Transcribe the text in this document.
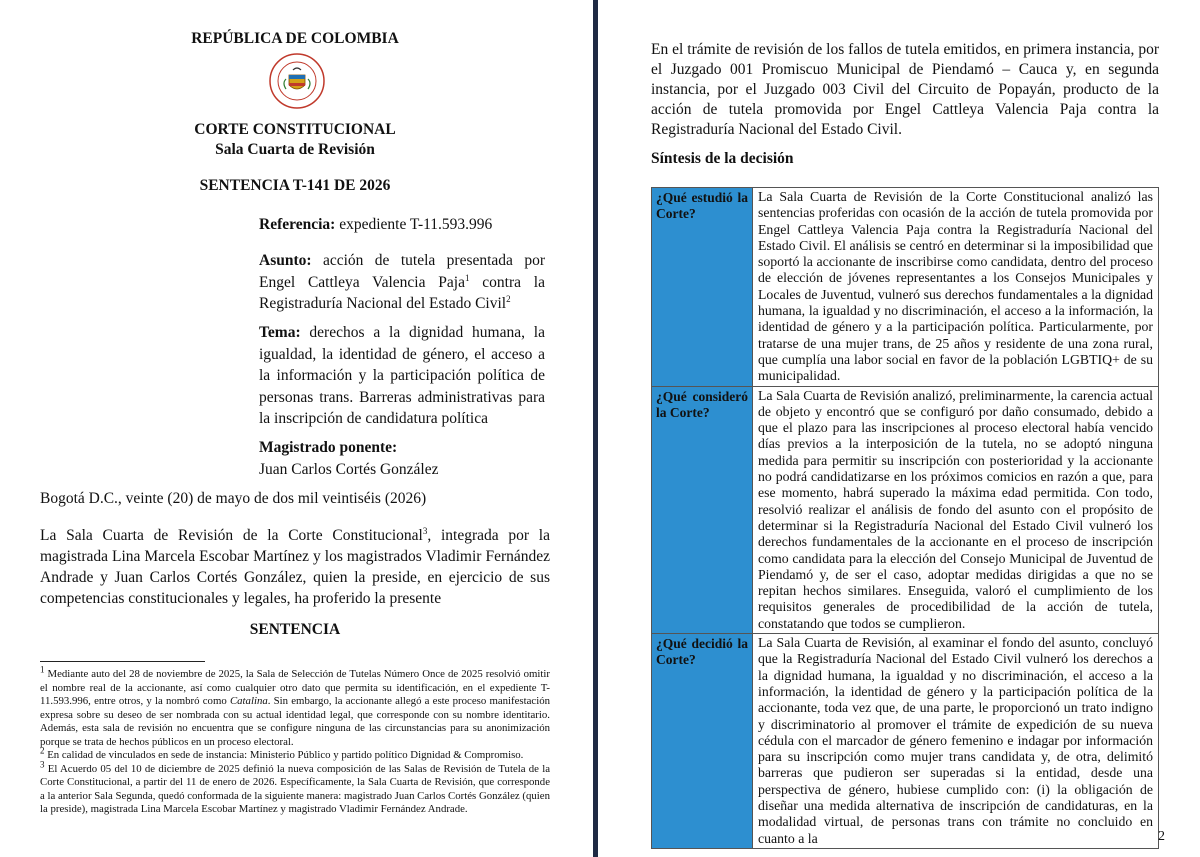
REPÚBLICA DE COLOMBIA
CORTE CONSTITUCIONAL
Sala Cuarta de Revisión
SENTENCIA T-141 DE 2026
Referencia: expediente T-11.593.996
Asunto: acción de tutela presentada por Engel Cattleya Valencia Paja$^1$ contra la Registraduría Nacional del Estado Civil$^2$
Tema: derechos a la dignidad humana, la igualdad, la identidad de género, el acceso a la información y la participación política de personas trans. Barreras administrativas para la inscripción de candidatura política
Magistrado ponente:
Juan Carlos Cortés González
Bogotá D.C., veinte (20) de mayo de dos mil veintiséis (2026)
La Sala Cuarta de Revisión de la Corte Constitucional$^3$, integrada por la magistrada Lina Marcela Escobar Martínez y los magistrados Vladimir Fernández Andrade y Juan Carlos Cortés González, quien la preside, en ejercicio de sus competencias constitucionales y legales, ha proferido la presente
SENTENCIA

$^1$ Mediante auto del 28 de noviembre de 2025, la Sala de Selección de Tutelas Número Once de 2025 resolvió omitir el nombre real de la accionante, así como cualquier otro dato que permita su identificación, en el expediente T-11.593.996, entre otros, y la nombró como Catalina. Sin embargo, la accionante allegó a este proceso manifestación expresa sobre su deseo de ser nombrada con su actual identidad legal, que corresponde con su nombre identitario. Además, esta sala de revisión no encuentra que se configure ninguna de las circunstancias para su anonimización porque se trata de hechos públicos en un proceso electoral.

$^2$ En calidad de vinculados en sede de instancia: Ministerio Público y partido político Dignidad & Compromiso.

$^3$ El Acuerdo 05 del 10 de diciembre de 2025 definió la nueva composición de las Salas de Revisión de Tutela de la Corte Constitucional, a partir del 11 de enero de 2026. Específicamente, la Sala Cuarta de Revisión, que corresponde a la anterior Sala Segunda, quedó conformada de la siguiente manera: magistrado Juan Carlos Cortés González (quien la preside), magistrada Lina Marcela Escobar Martínez y magistrado Vladimir Fernández Andrade.

En el trámite de revisión de los fallos de tutela emitidos, en primera instancia, por el Juzgado 001 Promiscuo Municipal de Piendamó – Cauca y, en segunda instancia, por el Juzgado 003 Civil del Circuito de Popayán, producto de la acción de tutela promovida por Engel Cattleya Valencia Paja contra la Registraduría Nacional del Estado Civil.
Síntesis de la decisión
¿Qué estudió la Corte?	La Sala Cuarta de Revisión de la Corte Constitucional analizó las sentencias proferidas con ocasión de la acción de tutela promovida por Engel Cattleya Valencia Paja contra la Registraduría Nacional del Estado Civil. El análisis se centró en determinar si la imposibilidad que soportó la accionante de inscribirse como candidata, dentro del proceso de elección de jóvenes representantes a los Consejos Municipales y Locales de Juventud, vulneró sus derechos fundamentales a la dignidad humana, la igualdad y no discriminación, el acceso a la información, la identidad de género y a la participación política. Particularmente, por tratarse de una mujer trans, de 25 años y residente de una zona rural, que cumplía una labor social en favor de la población LGBTIQ+ de su municipalidad.
¿Qué consideró la Corte?	La Sala Cuarta de Revisión analizó, preliminarmente, la carencia actual de objeto y encontró que se configuró por daño consumado, debido a que el plazo para las inscripciones al proceso electoral había vencido días previos a la interposición de la tutela, no se adoptó ninguna medida para permitir su inscripción con posterioridad y la accionante no podrá candidatizarse en los próximos comicios en razón a que, para ese momento, habrá superado la máxima edad permitida. Con todo, resolvió realizar el análisis de fondo del asunto con el propósito de determinar si la Registraduría Nacional del Estado Civil vulneró los derechos fundamentales de la accionante en el proceso de inscripción como candidata para la elección del Consejo Municipal de Juventud de Piendamó y, de ser el caso, adoptar medidas dirigidas a que no se repitan hechos similares. Enseguida, valoró el cumplimiento de los requisitos generales de procedibilidad de la acción de tutela, constatando que todos se cumplieron.
¿Qué decidió la Corte?	La Sala Cuarta de Revisión, al examinar el fondo del asunto, concluyó que la Registraduría Nacional del Estado Civil vulneró los derechos a la dignidad humana, la igualdad y no discriminación, el acceso a la información, la identidad de género y la participación política de la accionante, toda vez que, de una parte, le proporcionó un trato indigno y discriminatorio al promover el trámite de expedición de su nueva cédula con el marcador de género femenino e indagar por información para su inscripción como mujer trans candidata y, de otra, delimitó barreras que pudieron ser superadas si la entidad, desde una perspectiva de género, hubiese cumplido con: (i) la obligación de diseñar una medida alternativa de inscripción de candidaturas, en la modalidad virtual, de personas trans con trámite no concluido en cuanto a la	2
